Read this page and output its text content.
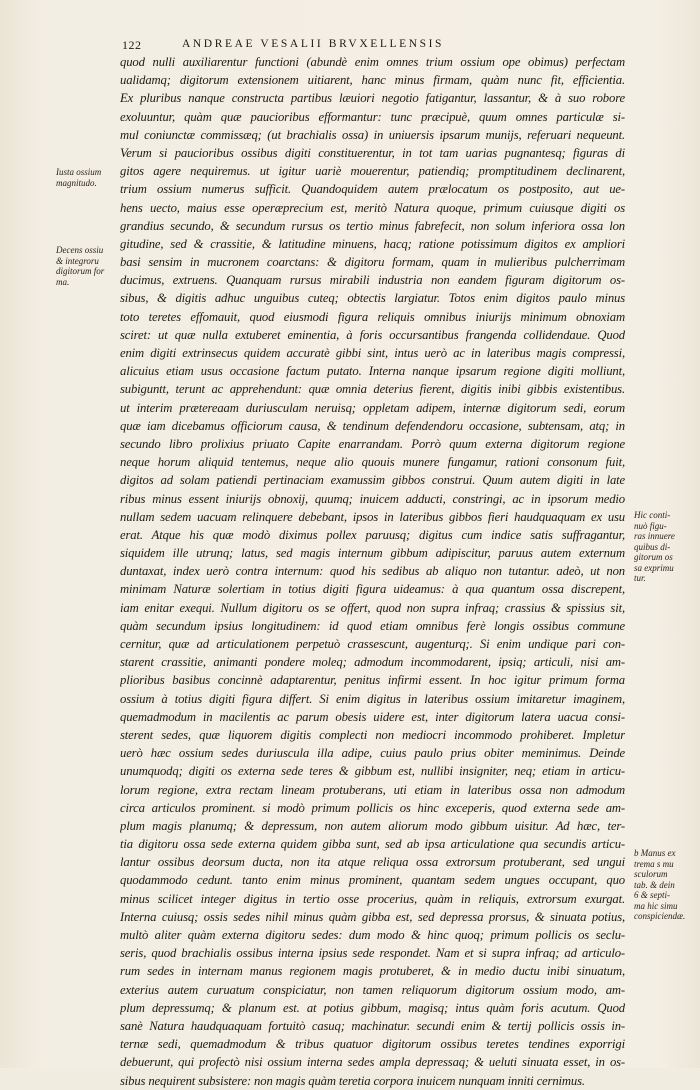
122	ANDREAE VESALII BRVXELLENSIS
quod nulli auxiliarentur functioni (abundè enim omnes trium ossium ope obimus) perfectam
ualidamq; digitorum extensionem uitiarent, hanc minus firmam, quàm nunc fit, efficientia.
Ex pluribus nanque constructa partibus læuiori negotio fatigantur, lassantur, & à suo robore
exoluuntur, quàm quæ paucioribus efformantur: tunc præcipuè, quum omnes particulæ si-
mul coniunctæ commissæq; (ut brachialis ossa) in uniuersis ipsarum munijs, referuari nequeunt.
Verum si paucioribus ossibus digiti constituerentur, in tot tam uarias pugnantesq; figuras di
gitos agere nequiremus. ut igitur uariè mouerentur, patiendiq; promptitudinem declinarent,
trium ossium numerus sufficit. Quandoquidem autem prælocatum os postposito, aut ue-
hens uecto, maius esse operæprecium est, meritò Natura quoque, primum cuiusque digiti os
grandius secundo, & secundum rursus os tertio minus fabrefecit, non solum inferiora ossa lon
gitudine, sed & crassitie, & latitudine minuens, hacq; ratione potissimum digitos ex ampliori
basi sensim in mucronem coarctans: & digitoru formam, quam in mulieribus pulcherrimam
ducimus, extruens. Quanquam rursus mirabili industria non eandem figuram digitorum os-
sibus, & digitis adhuc unguibus cuteq; obtectis largiatur. Totos enim digitos paulo minus
toto teretes effomauit, quod eiusmodi figura reliquis omnibus iniurijs minimum obnoxiam
sciret: ut quæ nulla extuberet eminentia, à foris occursantibus frangenda collidendaue. Quod
enim digiti extrinsecus quidem accuratè gibbi sint, intus uerò ac in lateribus magis compressi,
alicuius etiam usus occasione factum putato. Interna nanque ipsarum regione digiti molliunt,
subiguntt, terunt ac apprehendunt: quæ omnia deterius fierent, digitis inibi gibbis existentibus.
ut interim prætereaam duriusculam neruisq; oppletam adipem, internæ digitorum sedi, eorum
quæ iam dicebamus officiorum causa, & tendinum defendendoru occasione, subtensam, atq; in
secundo libro prolixius priuato Capite enarrandam. Porrò quum externa digitorum regione
neque horum aliquid tentemus, neque alio quouis munere fungamur, rationi consonum fuit,
digitos ad solam patiendi pertinaciam examussim gibbos construi. Quum autem digiti in late
ribus minus essent iniurijs obnoxij, quumq; inuicem adducti, constringi, ac in ipsorum medio
nullam sedem uacuam relinquere debebant, ipsos in lateribus gibbos fieri haudquaquam ex usu
erat. Atque his quæ modò diximus pollex paruusq; digitus cum indice satis suffragantur,
siquidem ille utrunq; latus, sed magis internum gibbum adipiscitur, paruus autem externum
duntaxat, index uerò contra internum: quod his sedibus ab aliquo non tutantur. adeò, ut non
minimam Naturæ solertiam in totius digiti figura uideamus: à qua quantum ossa discrepent,
iam enitar exequi. Nullum digitoru os se offert, quod non supra infraq; crassius & spissius sit,
quàm secundum ipsius longitudinem: id quod etiam omnibus ferè longis ossibus commune
cernitur, quæ ad articulationem perpetuò crassescunt, augenturq;. Si enim undique pari con-
starent crassitie, animanti pondere moleq; admodum incommodarent, ipsiq; articuli, nisi am-
plioribus basibus concinnè adaptarentur, penitus infirmi essent. In hoc igitur primum forma
ossium à totius digiti figura differt. Si enim digitus in lateribus ossium imitaretur imaginem,
quemadmodum in macilentis ac parum obesis uidere est, inter digitorum latera uacua consi-
sterent sedes, quæ liquorem digitis complecti non mediocri incommodo prohiberet. Impletur
uerò hæc ossium sedes duriuscula illa adipe, cuius paulo prius obiter meminimus. Deinde
unumquodq; digiti os externa sede teres & gibbum est, nullibi insigniter, neq; etiam in articu-
lorum regione, extra rectam lineam protuberans, uti etiam in lateribus ossa non admodum
circa articulos prominent. si modò primum pollicis os hinc exceperis, quod externa sede am-
plum magis planumq; & depressum, non autem aliorum modo gibbum uisitur. Ad hæc, ter-
tia digitoru ossa sede externa quidem gibba sunt, sed ab ipsa articulatione qua secundis articu-
lantur ossibus deorsum ducta, non ita atque reliqua ossa extrorsum protuberant, sed ungui
quodammodo cedunt. tanto enim minus prominent, quantam sedem ungues occupant, quo
minus scilicet integer digitus in tertio osse procerius, quàm in reliquis, extrorsum exurgat.
Interna cuiusq; ossis sedes nihil minus quàm gibba est, sed depressa prorsus, & sinuata potius,
multò aliter quàm externa digitoru sedes: dum modo & hinc quoq; primum pollicis os seclu-
seris, quod brachialis ossibus interna ipsius sede respondet. Nam et si supra infraq; ad articulo-
rum sedes in internam manus regionem magis protuberet, & in medio ductu inibi sinuatum,
exterius autem curuatum conspiciatur, non tamen reliquorum digitorum ossium modo, am-
plum depressumq; & planum est. at potius gibbum, magisq; intus quàm foris acutum. Quod
sanè Natura haudquaquam fortuitò casuq; machinatur. secundi enim & tertij pollicis ossis in-
ternæ sedi, quemadmodum & tribus quatuor digitorum ossibus teretes tendines exporrigi
debuerunt, qui profectò nisi ossium interna sedes ampla depressaq; & ueluti sinuata esset, in os-
sibus nequirent subsistere: non magis quàm teretia corpora inuicem nunquam inniti cernimus.
Iusta ossium
magnitudo.
Decens ossiu
& integroru
digitorum for
ma.
Hic conti-
nuò figu-
ras innuere
quibus di-
gitorum os
sa exprimu
tur.
b Manus ex
trema s mu
sculorum
tab. & dein
6 & septi-
ma hic simu
conspiciendæ.
